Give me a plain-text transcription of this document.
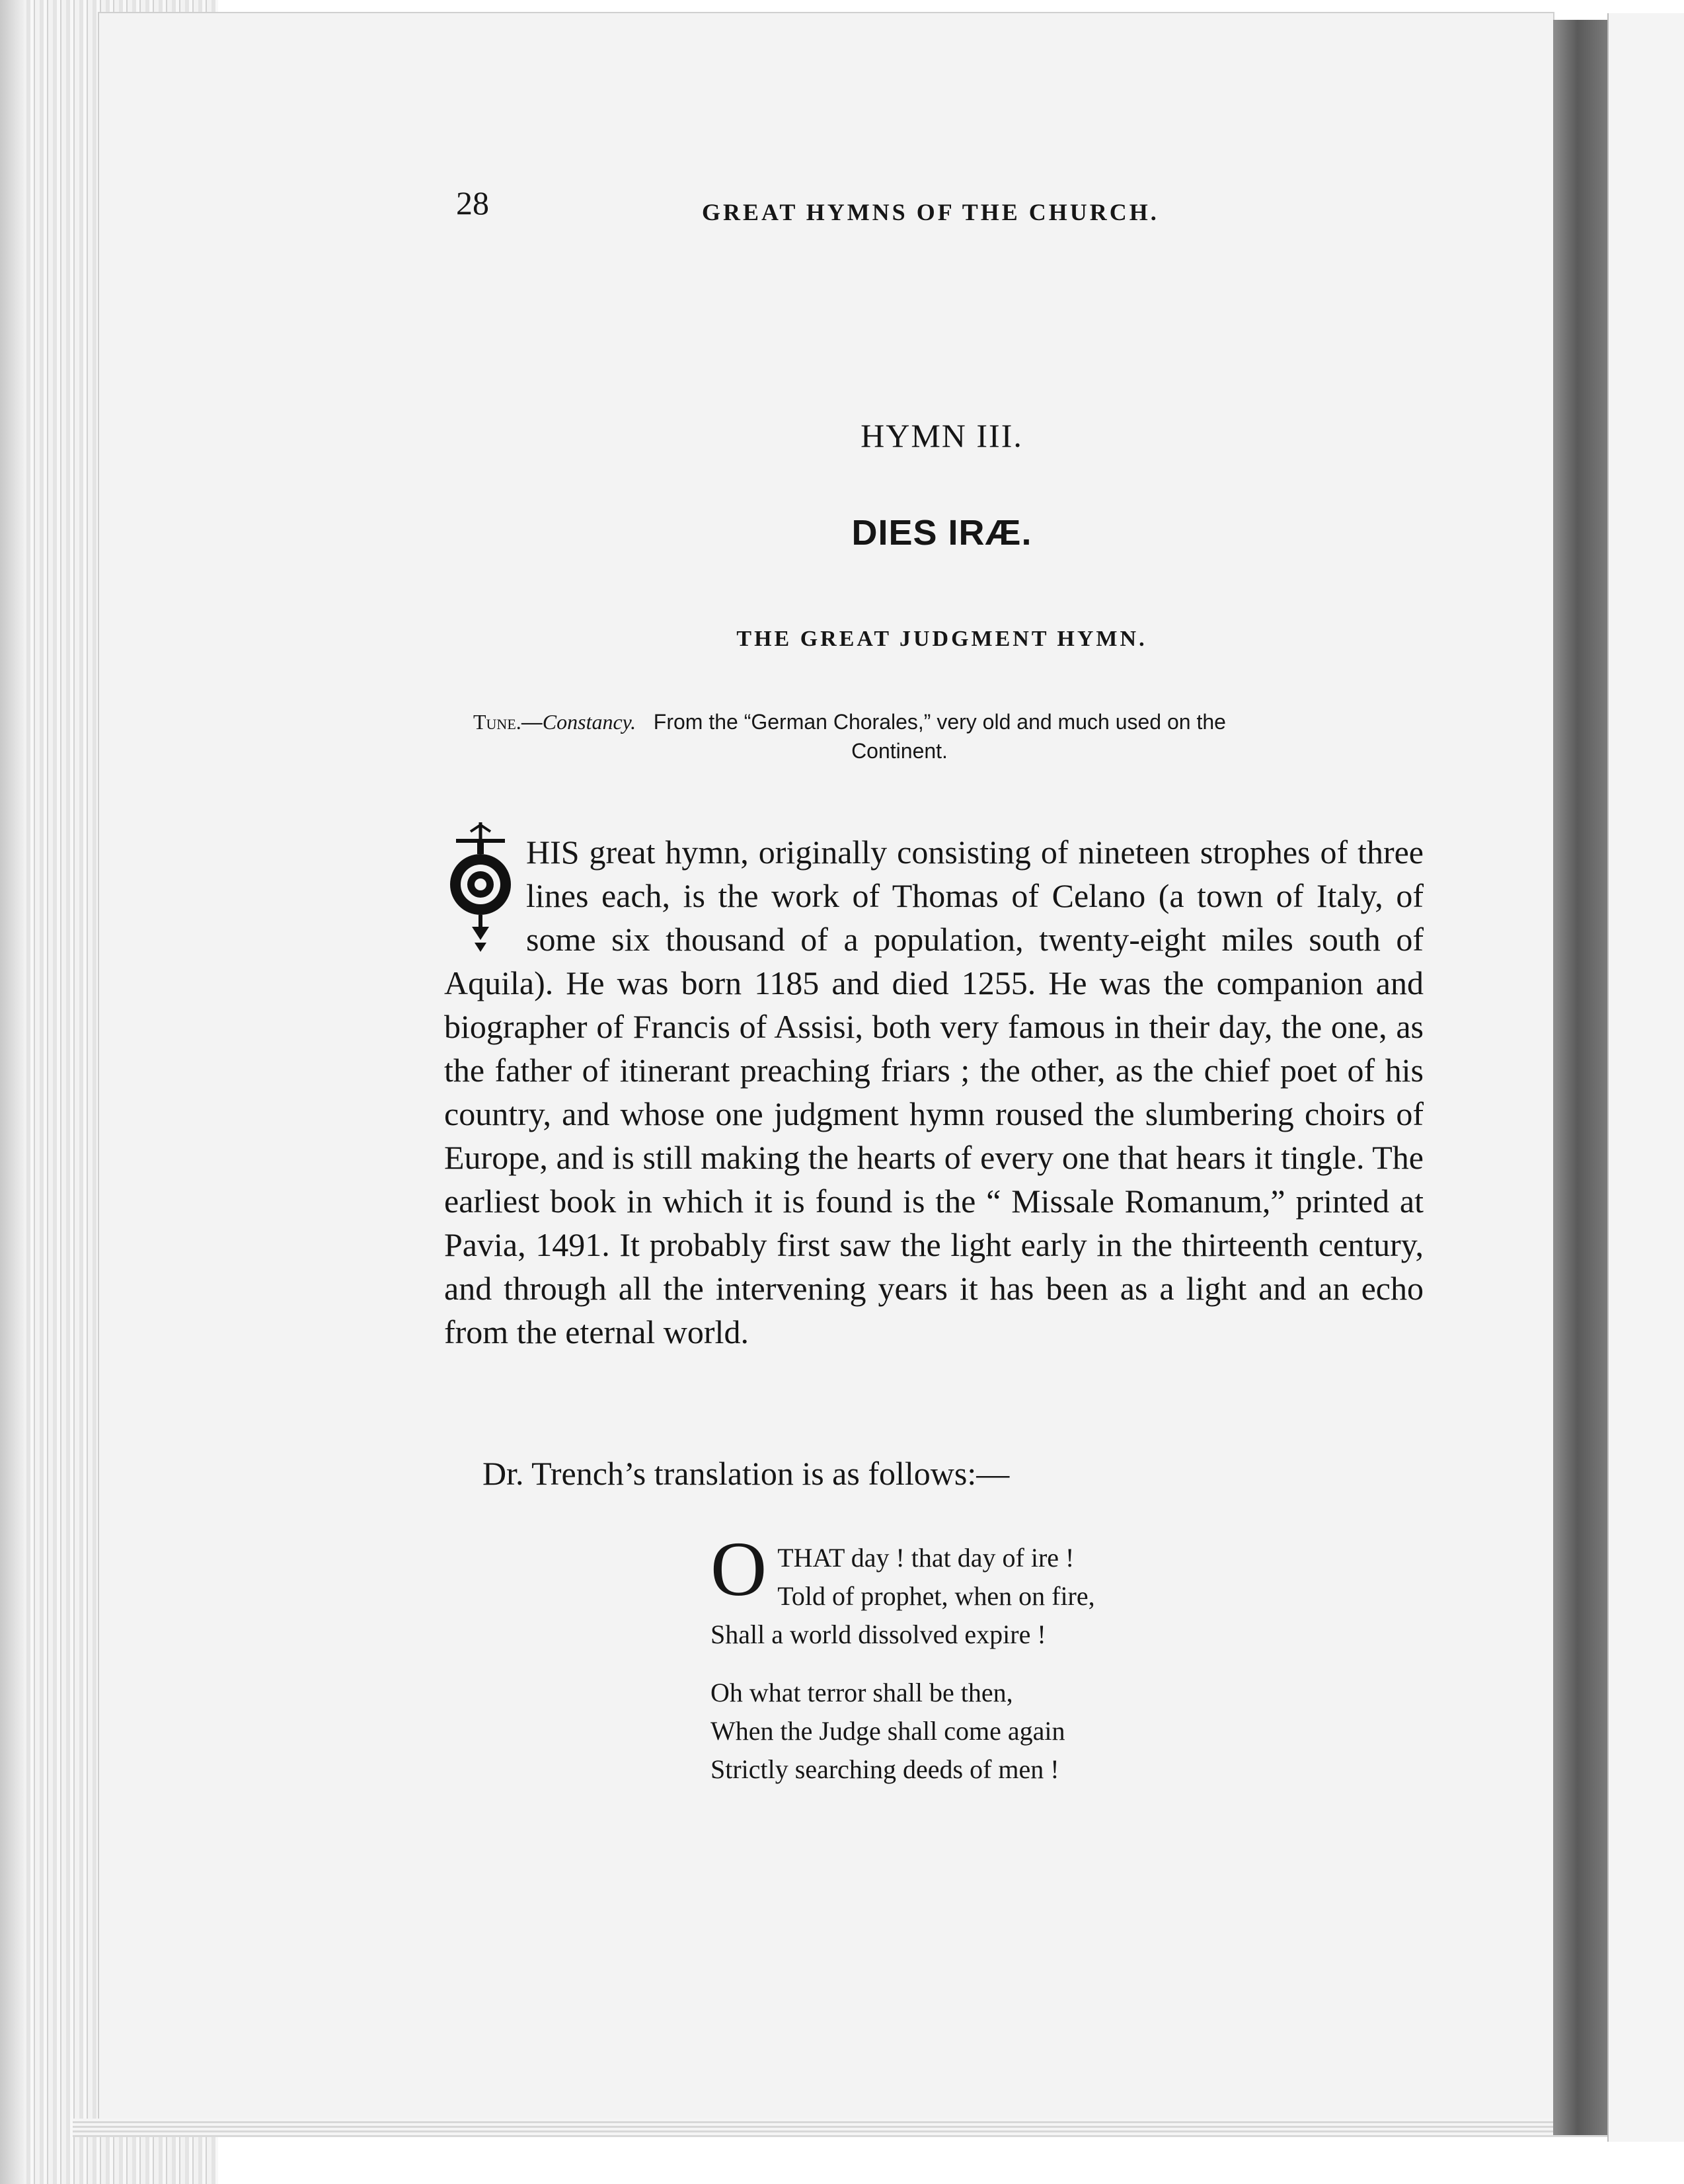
28	GREAT HYMNS OF THE CHURCH.
HYMN III.
DIES IRÆ.
THE GREAT JUDGMENT HYMN.
Tune.—Constancy. From the “German Chorales,” very old and much used on the
Continent.

HIS great hymn, originally consisting of nineteen strophes of three lines each, is the work of Thomas of Celano (a town of Italy, of some six thousand of a population, twenty-eight miles south of Aquila). He was born 1185 and died 1255. He was the companion and biographer of Francis of Assisi, both very famous in their day, the one, as the father of itinerant preaching friars ; the other, as the chief poet of his country, and whose one judgment hymn roused the slumbering choirs of Europe, and is still making the hearts of every one that hears it tingle. The earliest book in which it is found is the “ Missale Romanum,” printed at Pavia, 1491. It probably first saw the light early in the thirteenth century, and through all the intervening years it has been as a light and an echo from the eternal world.

Dr. Trench’s translation is as follows:—
O THAT day ! that day of ire !
Told of prophet, when on fire,
Shall a world dissolved expire !
Oh what terror shall be then,
When the Judge shall come again
Strictly searching deeds of men !
